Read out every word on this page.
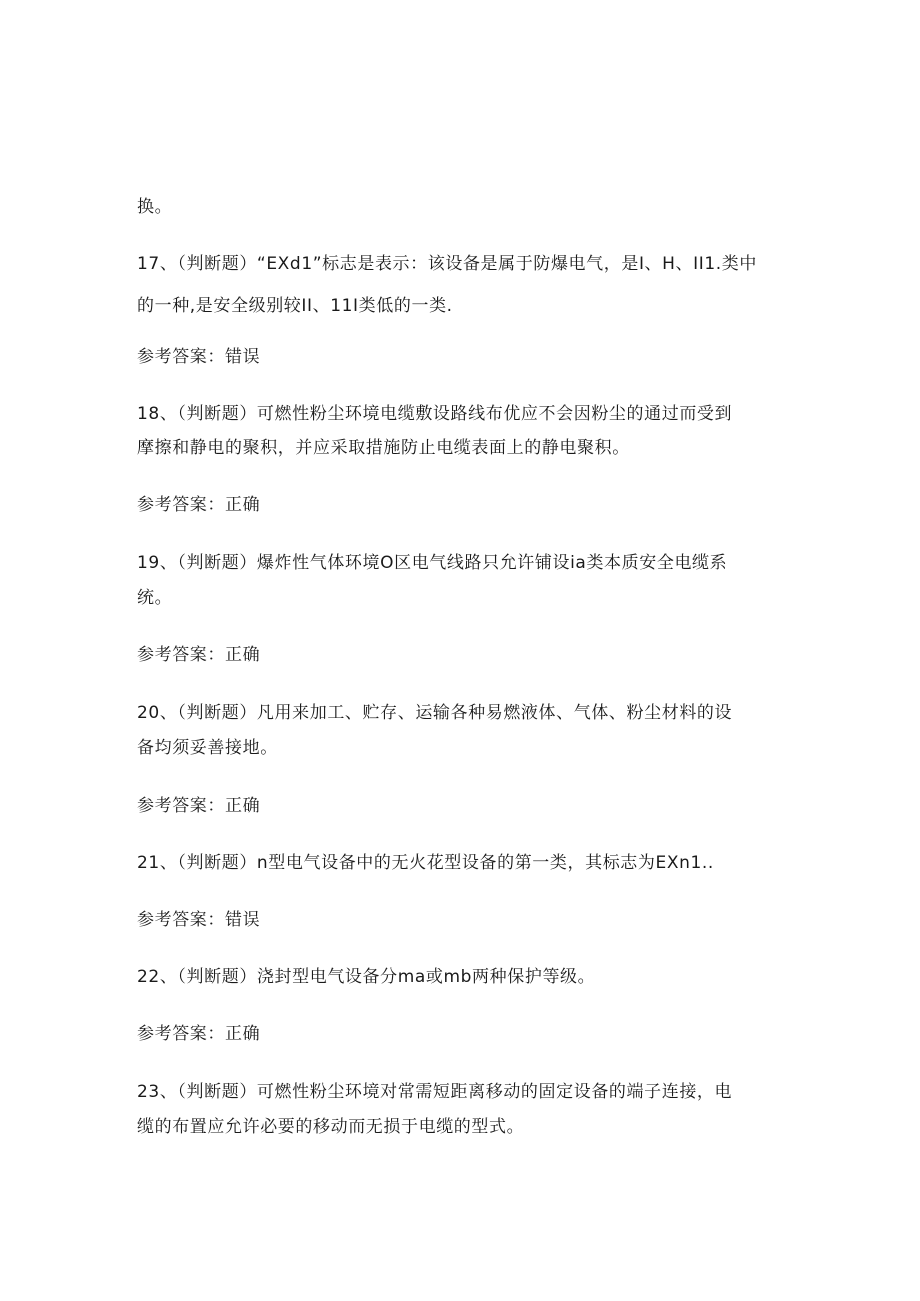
换。

17、（判断题）“EXd1”标志是表示：该设备是属于防爆电气，是I、H、II1.类中

的一种,是安全级别较II、11I类低的一类.

参考答案：错误

18、（判断题）可燃性粉尘环境电缆敷设路线布优应不会因粉尘的通过而受到

摩擦和静电的聚积，并应采取措施防止电缆表面上的静电聚积。

参考答案：正确

19、（判断题）爆炸性气体环境O区电气线路只允许铺设ia类本质安全电缆系

统。

参考答案：正确

20、（判断题）凡用来加工、贮存、运输各种易燃液体、气体、粉尘材料的设

备均须妥善接地。

参考答案：正确

21、（判断题）n型电气设备中的无火花型设备的第一类，其标志为EXn1..

参考答案：错误

22、（判断题）浇封型电气设备分ma或mb两种保护等级。

参考答案：正确

23、（判断题）可燃性粉尘环境对常需短距离移动的固定设备的端子连接，电

缆的布置应允许必要的移动而无损于电缆的型式。
